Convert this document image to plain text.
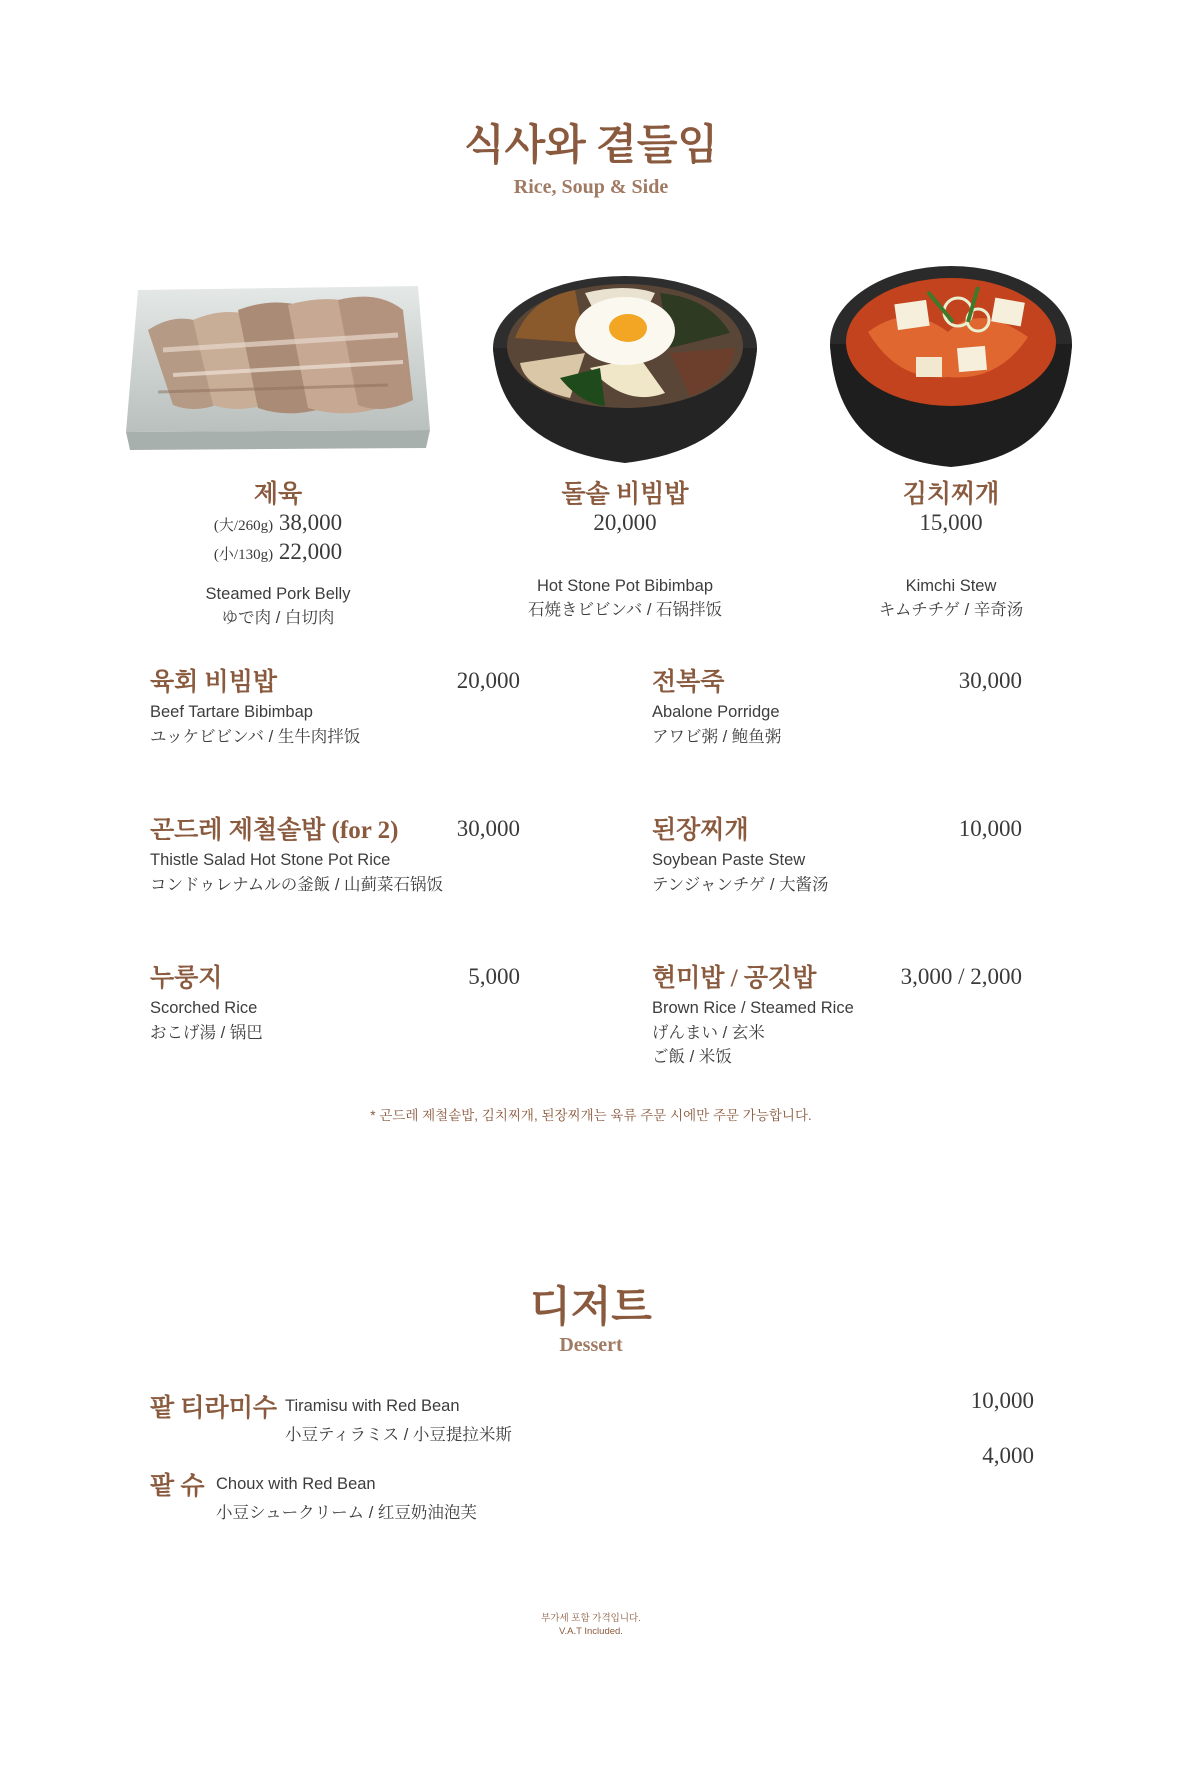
식사와 곁들임
Rice, Soup & Side
제육
(大/260g) 38,000
(小/130g) 22,000
Steamed Pork Belly
ゆで肉 / 白切肉
돌솥 비빔밥
20,000
Hot Stone Pot Bibimbap
石焼きビビンバ / 石锅拌饭
김치찌개
15,000
Kimchi Stew
キムチチゲ / 辛奇汤
육회 비빔밥	20,000
Beef Tartare Bibimbap
ユッケビビンバ / 生牛肉拌饭
전복죽	30,000
Abalone Porridge
アワビ粥 / 鲍鱼粥
곤드레 제철솥밥 (for 2)	30,000
Thistle Salad Hot Stone Pot Rice
コンドゥレナムルの釜飯 / 山蓟菜石锅饭
된장찌개	10,000
Soybean Paste Stew
テンジャンチゲ / 大酱汤
누룽지	5,000
Scorched Rice
おこげ湯 / 锅巴
현미밥 / 공깃밥	3,000 / 2,000
Brown Rice / Steamed Rice
げんまい / 玄米
ご飯 / 米饭
* 곤드레 제철솥밥, 김치찌개, 된장찌개는 육류 주문 시에만 주문 가능합니다.
디저트
Dessert
팥 티라미수 Tiramisu with Red Bean
小豆ティラミス / 小豆提拉米斯
10,000
팥 슈 Choux with Red Bean
小豆シュークリーム / 红豆奶油泡芙
4,000
부가세 포함 가격입니다.
V.A.T Included.
